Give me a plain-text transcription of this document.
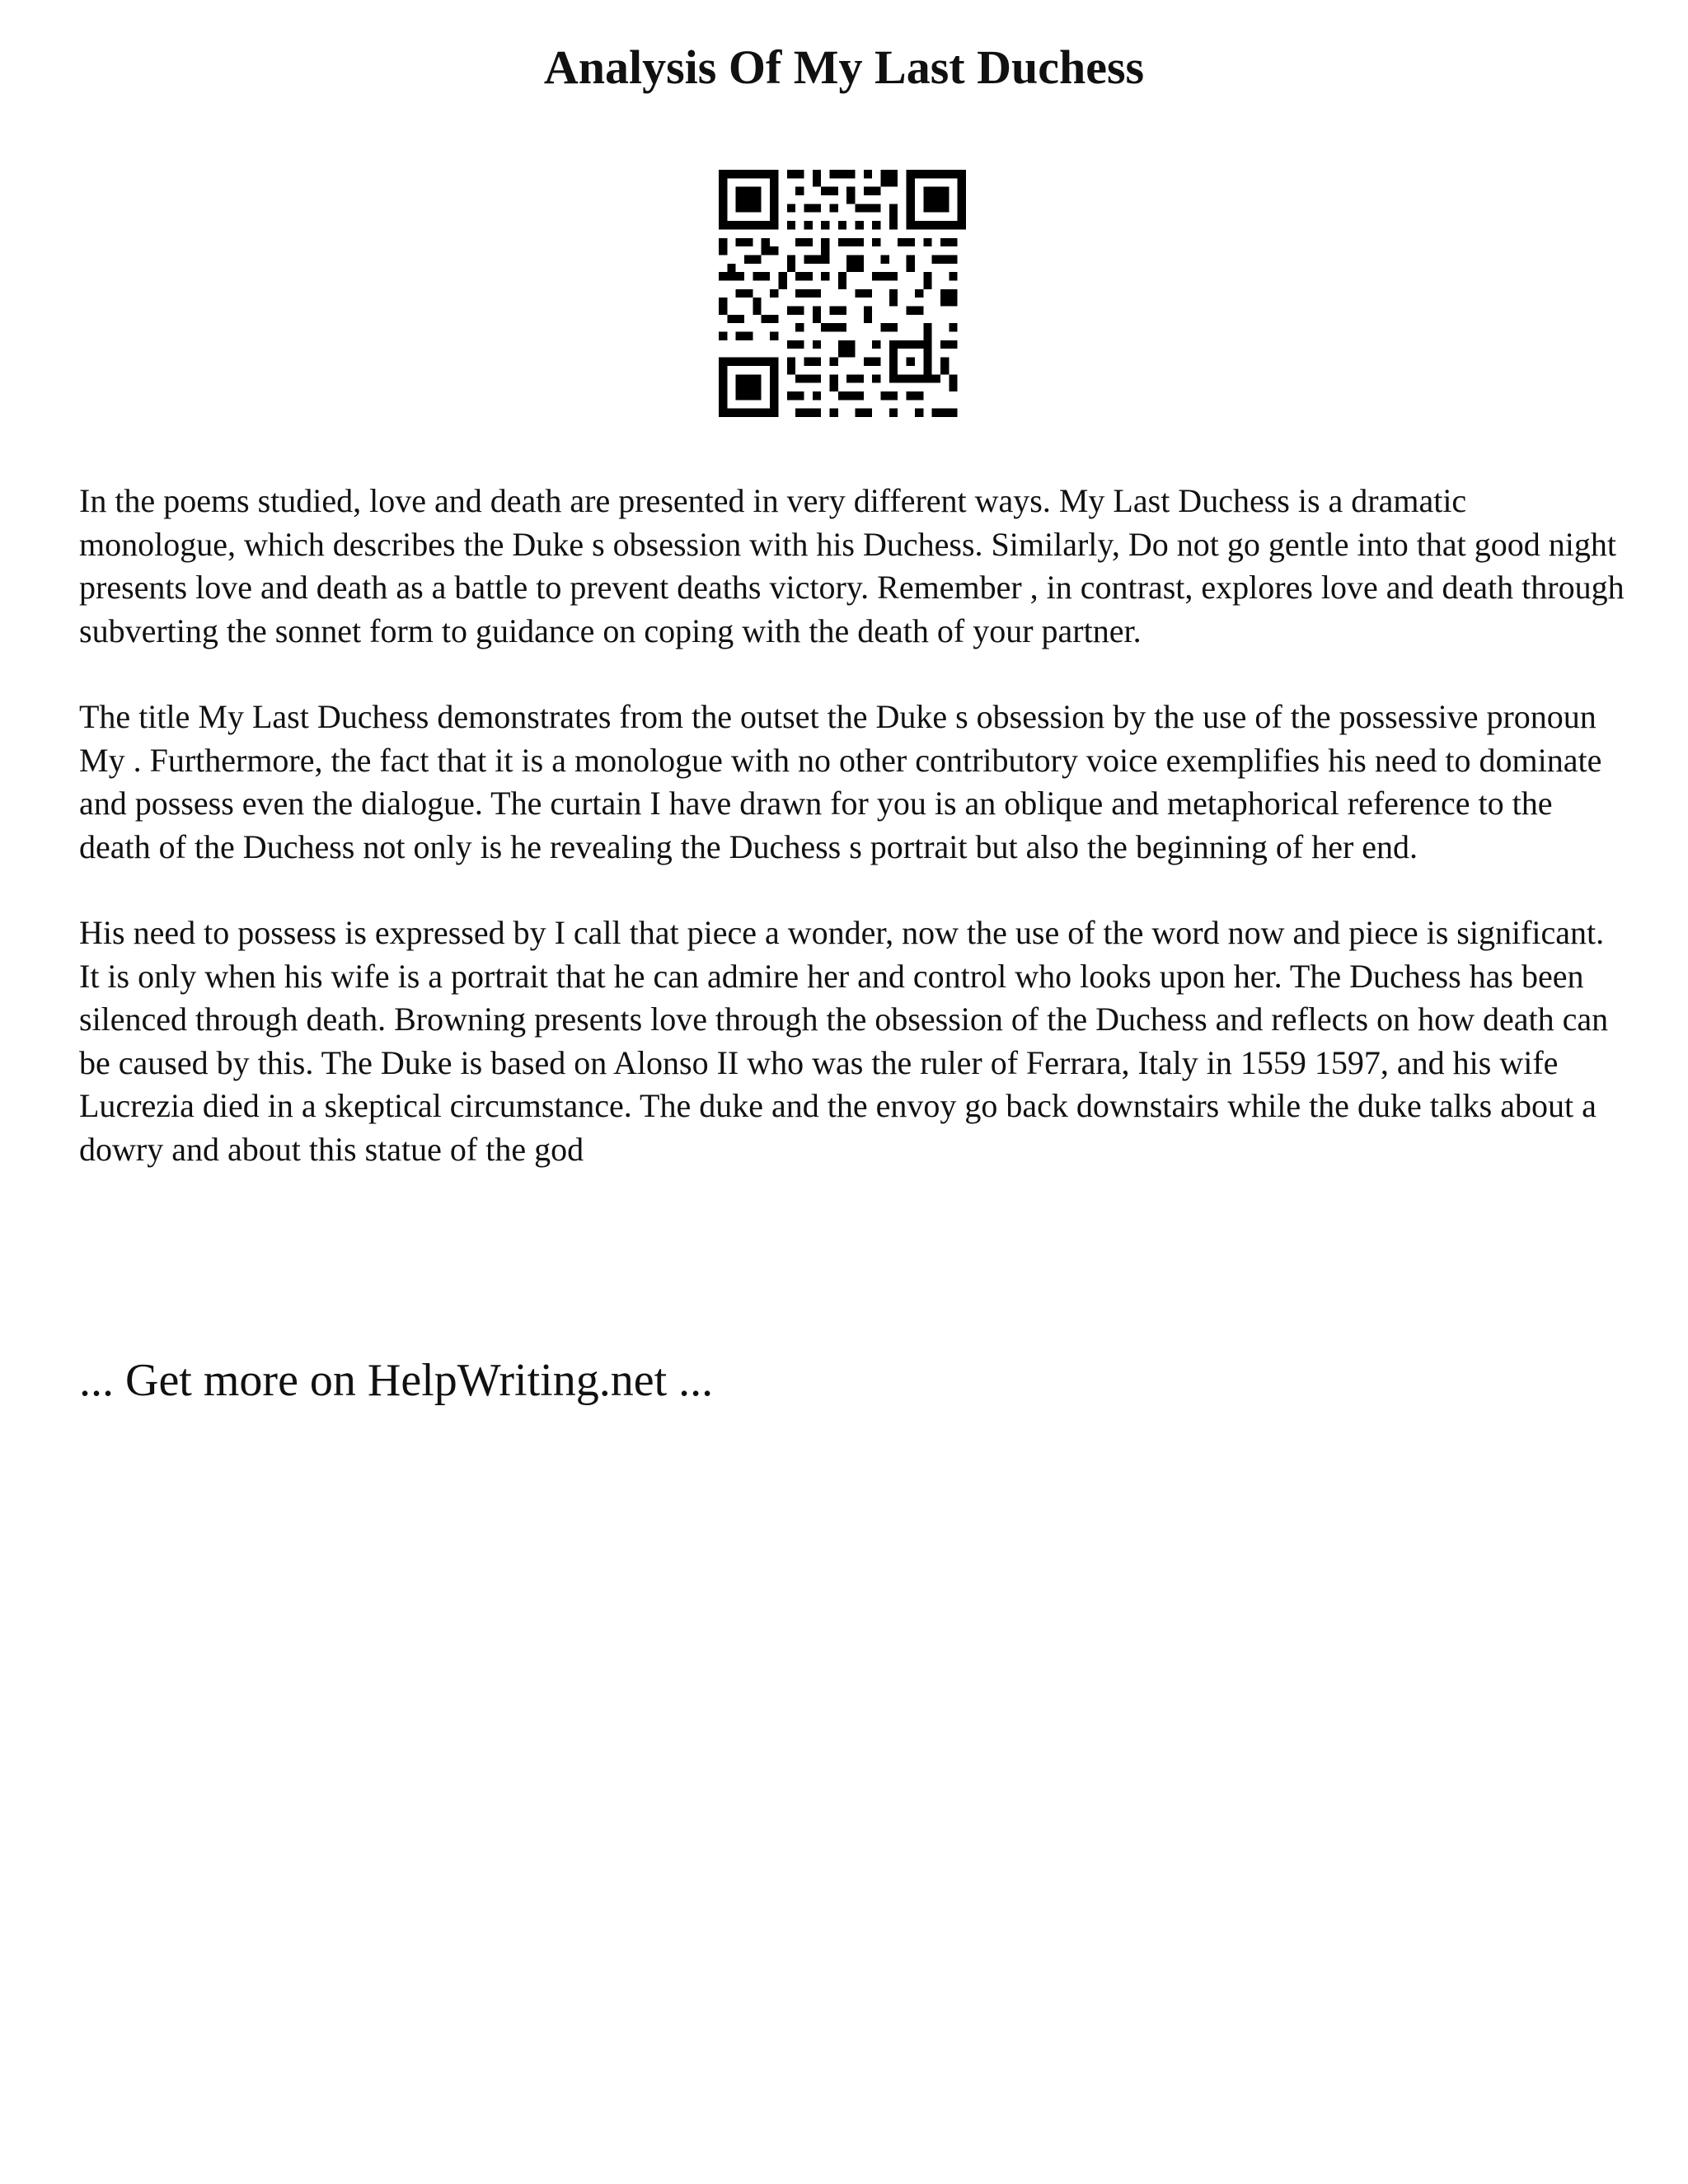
Analysis Of My Last Duchess

In the poems studied, love and death are presented in very different ways. My Last Duchess is a dramatic monologue, which describes the Duke s obsession with his Duchess. Similarly, Do not go gentle into that good night presents love and death as a battle to prevent deaths victory. Remember , in contrast, explores love and death through subverting the sonnet form to guidance on coping with the death of your partner.

The title My Last Duchess demonstrates from the outset the Duke s obsession by the use of the possessive pronoun My . Furthermore, the fact that it is a monologue with no other contributory voice exemplifies his need to dominate and possess even the dialogue. The curtain I have drawn for you is an oblique and metaphorical reference to the death of the Duchess not only is he revealing the Duchess s portrait but also the beginning of her end.

His need to possess is expressed by I call that piece a wonder, now the use of the word now and piece is significant. It is only when his wife is a portrait that he can admire her and control who looks upon her. The Duchess has been silenced through death. Browning presents love through the obsession of the Duchess and reflects on how death can be caused by this. The Duke is based on Alonso II who was the ruler of Ferrara, Italy in 1559 1597, and his wife Lucrezia died in a skeptical circumstance. The duke and the envoy go back downstairs while the duke talks about a dowry and about this statue of the god

... Get more on HelpWriting.net ...
